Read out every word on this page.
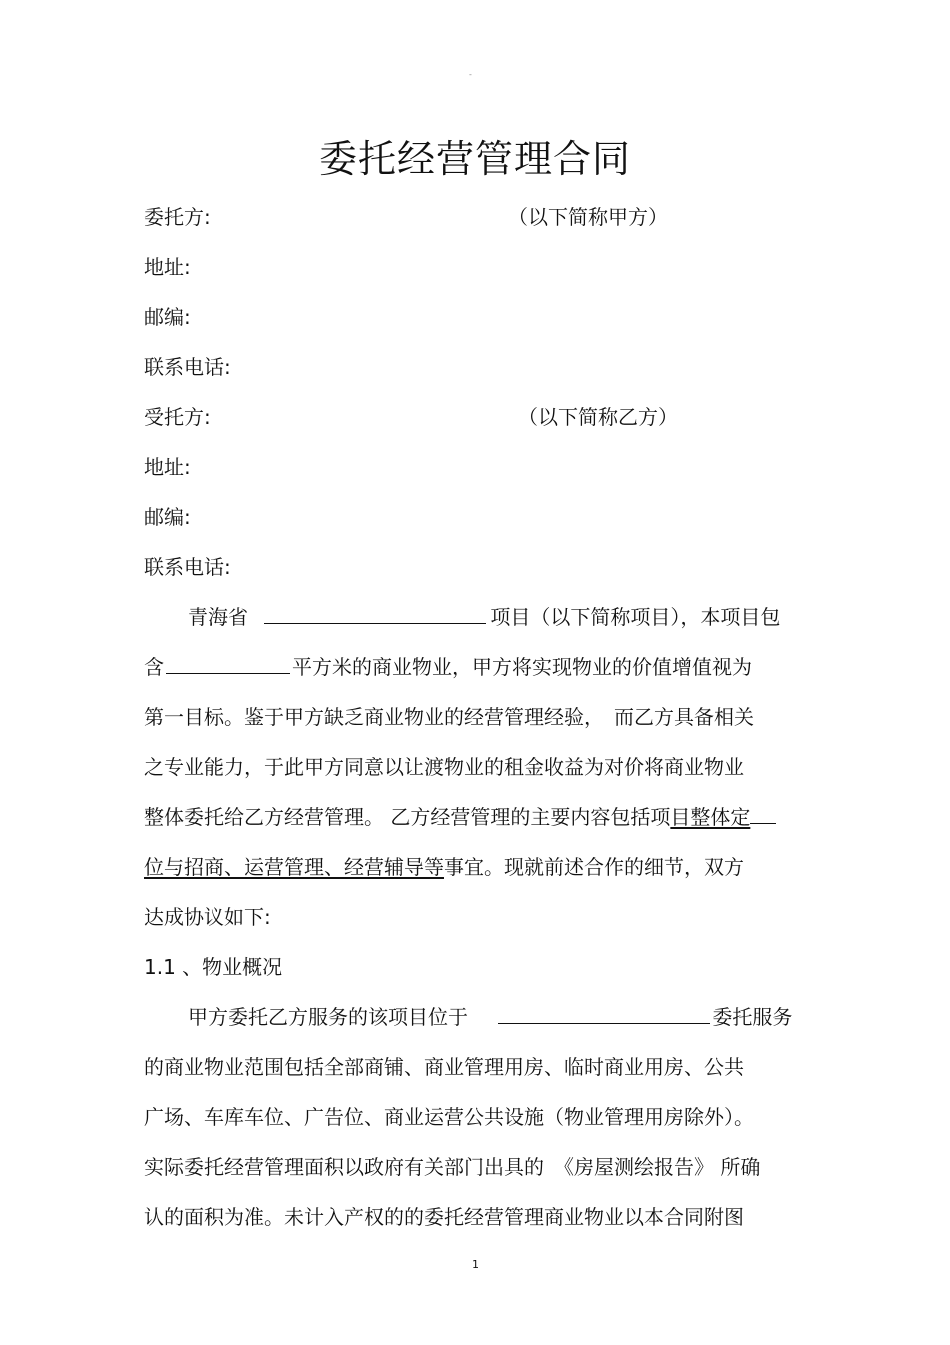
-
委托经营管理合同
委托方:	（以下简称甲方）
地址:
邮编:
联系电话:
受托方:	（以下简称乙方）
地址:
邮编:
联系电话:
青海省	项目（以下简称项目），本项目包
含	平方米的商业物业，甲方将实现物业的价值增值视为
第一目标。鉴于甲方缺乏商业物业的经营管理经验，　而乙方具备相关
之专业能力，于此甲方同意以让渡物业的租金收益为对价将商业物业
整体委托给乙方经营管理。 乙方经营管理的主要内容包括项目整体定
位与招商、运营管理、经营辅导等事宜。现就前述合作的细节，双方
达成协议如下:
1.1 、物业概况
甲方委托乙方服务的该项目位于	委托服务
的商业物业范围包括全部商铺、商业管理用房、临时商业用房、公共
广场、车库车位、广告位、商业运营公共设施（物业管理用房除外）。
实际委托经营管理面积以政府有关部门出具的　《房屋测绘报告》 所确
认的面积为准。未计入产权的的委托经营管理商业物业以本合同附图
1
